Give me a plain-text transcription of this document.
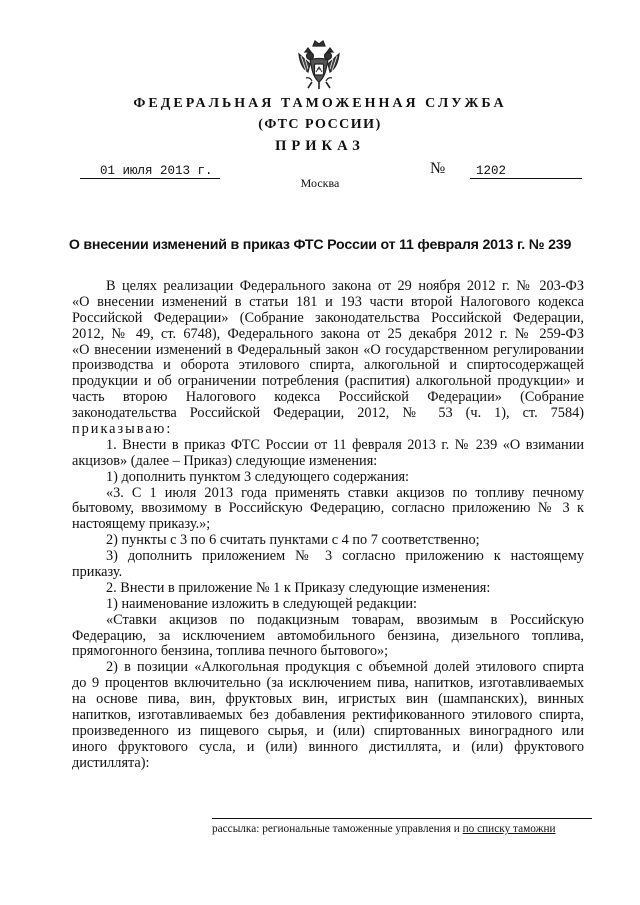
ФЕДЕРАЛЬНАЯ ТАМОЖЕННАЯ СЛУЖБА
(ФТС РОССИИ)
ПРИКАЗ
01 июля 2013 г.	№	1202
Москва
О внесении изменений в приказ ФТС России от 11 февраля 2013 г. № 239
В целях реализации Федерального закона от 29 ноября 2012 г. № 203-ФЗ
«О внесении изменений в статьи 181 и 193 части второй Налогового кодекса
Российской Федерации» (Собрание законодательства Российской Федерации,
2012, № 49, ст. 6748), Федерального закона от 25 декабря 2012 г. № 259-ФЗ
«О внесении изменений в Федеральный закон «О государственном регулировании
производства и оборота этилового спирта, алкогольной и спиртосодержащей
продукции и об ограничении потребления (распития) алкогольной продукции» и
часть второю Налогового кодекса Российской Федерации» (Собрание
законодательства Российской Федерации, 2012, № 53 (ч. 1), ст. 7584)
приказываю:
1. Внести в приказ ФТС России от 11 февраля 2013 г. № 239 «О взимании
акцизов» (далее – Приказ) следующие изменения:
1) дополнить пунктом 3 следующего содержания:
«3. С 1 июля 2013 года применять ставки акцизов по топливу печному
бытовому, ввозимому в Российскую Федерацию, согласно приложению № 3 к
настоящему приказу.»;
2) пункты с 3 по 6 считать пунктами с 4 по 7 соответственно;
3) дополнить приложением № 3 согласно приложению к настоящему
приказу.
2. Внести в приложение № 1 к Приказу следующие изменения:
1) наименование изложить в следующей редакции:
«Ставки акцизов по подакцизным товарам, ввозимым в Российскую
Федерацию, за исключением автомобильного бензина, дизельного топлива,
прямогонного бензина, топлива печного бытового»;
2) в позиции «Алкогольная продукция с объемной долей этилового спирта
до 9 процентов включительно (за исключением пива, напитков, изготавливаемых
на основе пива, вин, фруктовых вин, игристых вин (шампанских), винных
напитков, изготавливаемых без добавления ректификованного этилового спирта,
произведенного из пищевого сырья, и (или) спиртованных виноградного или
иного фруктового сусла, и (или) винного дистиллята, и (или) фруктового
дистиллята):
рассылка: региональные таможенные управления и по списку таможни
